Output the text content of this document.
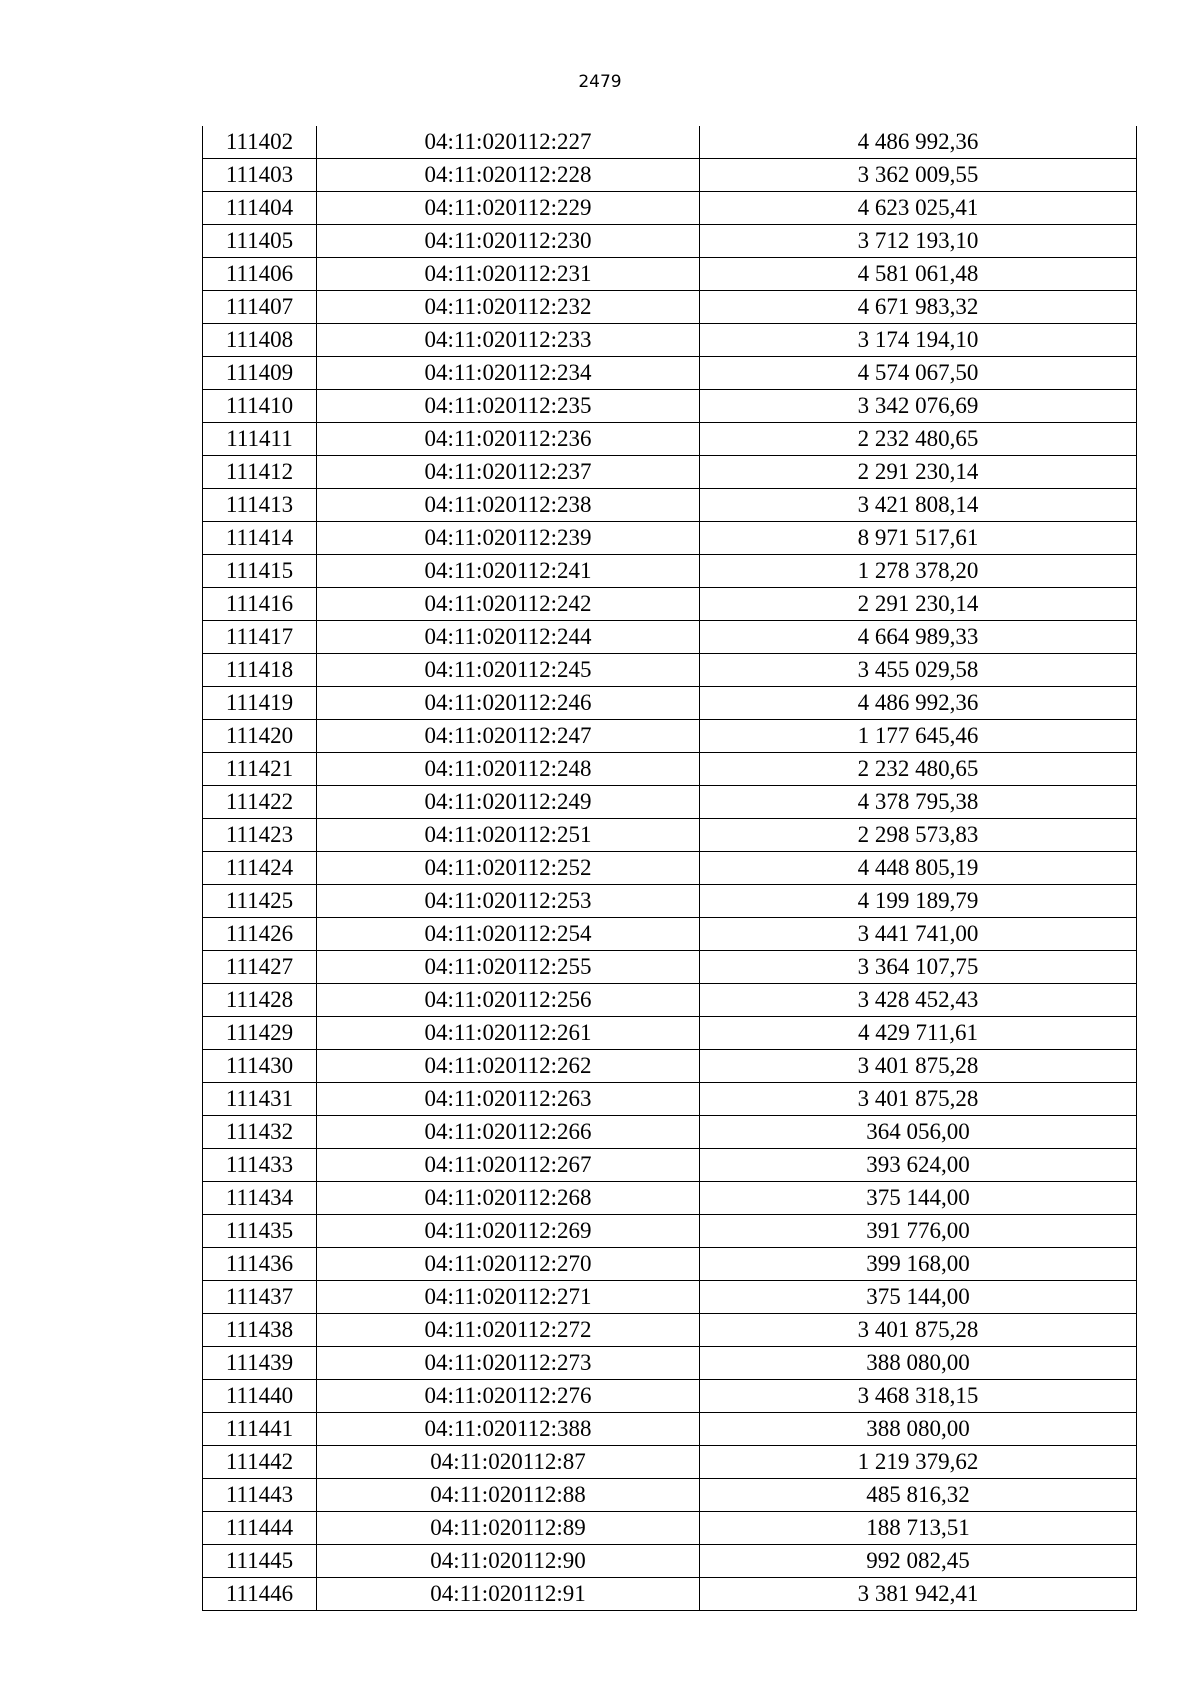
2479
111402	04:11:020112:227	4 486 992,36
111403	04:11:020112:228	3 362 009,55
111404	04:11:020112:229	4 623 025,41
111405	04:11:020112:230	3 712 193,10
111406	04:11:020112:231	4 581 061,48
111407	04:11:020112:232	4 671 983,32
111408	04:11:020112:233	3 174 194,10
111409	04:11:020112:234	4 574 067,50
111410	04:11:020112:235	3 342 076,69
111411	04:11:020112:236	2 232 480,65
111412	04:11:020112:237	2 291 230,14
111413	04:11:020112:238	3 421 808,14
111414	04:11:020112:239	8 971 517,61
111415	04:11:020112:241	1 278 378,20
111416	04:11:020112:242	2 291 230,14
111417	04:11:020112:244	4 664 989,33
111418	04:11:020112:245	3 455 029,58
111419	04:11:020112:246	4 486 992,36
111420	04:11:020112:247	1 177 645,46
111421	04:11:020112:248	2 232 480,65
111422	04:11:020112:249	4 378 795,38
111423	04:11:020112:251	2 298 573,83
111424	04:11:020112:252	4 448 805,19
111425	04:11:020112:253	4 199 189,79
111426	04:11:020112:254	3 441 741,00
111427	04:11:020112:255	3 364 107,75
111428	04:11:020112:256	3 428 452,43
111429	04:11:020112:261	4 429 711,61
111430	04:11:020112:262	3 401 875,28
111431	04:11:020112:263	3 401 875,28
111432	04:11:020112:266	364 056,00
111433	04:11:020112:267	393 624,00
111434	04:11:020112:268	375 144,00
111435	04:11:020112:269	391 776,00
111436	04:11:020112:270	399 168,00
111437	04:11:020112:271	375 144,00
111438	04:11:020112:272	3 401 875,28
111439	04:11:020112:273	388 080,00
111440	04:11:020112:276	3 468 318,15
111441	04:11:020112:388	388 080,00
111442	04:11:020112:87	1 219 379,62
111443	04:11:020112:88	485 816,32
111444	04:11:020112:89	188 713,51
111445	04:11:020112:90	992 082,45
111446	04:11:020112:91	3 381 942,41
